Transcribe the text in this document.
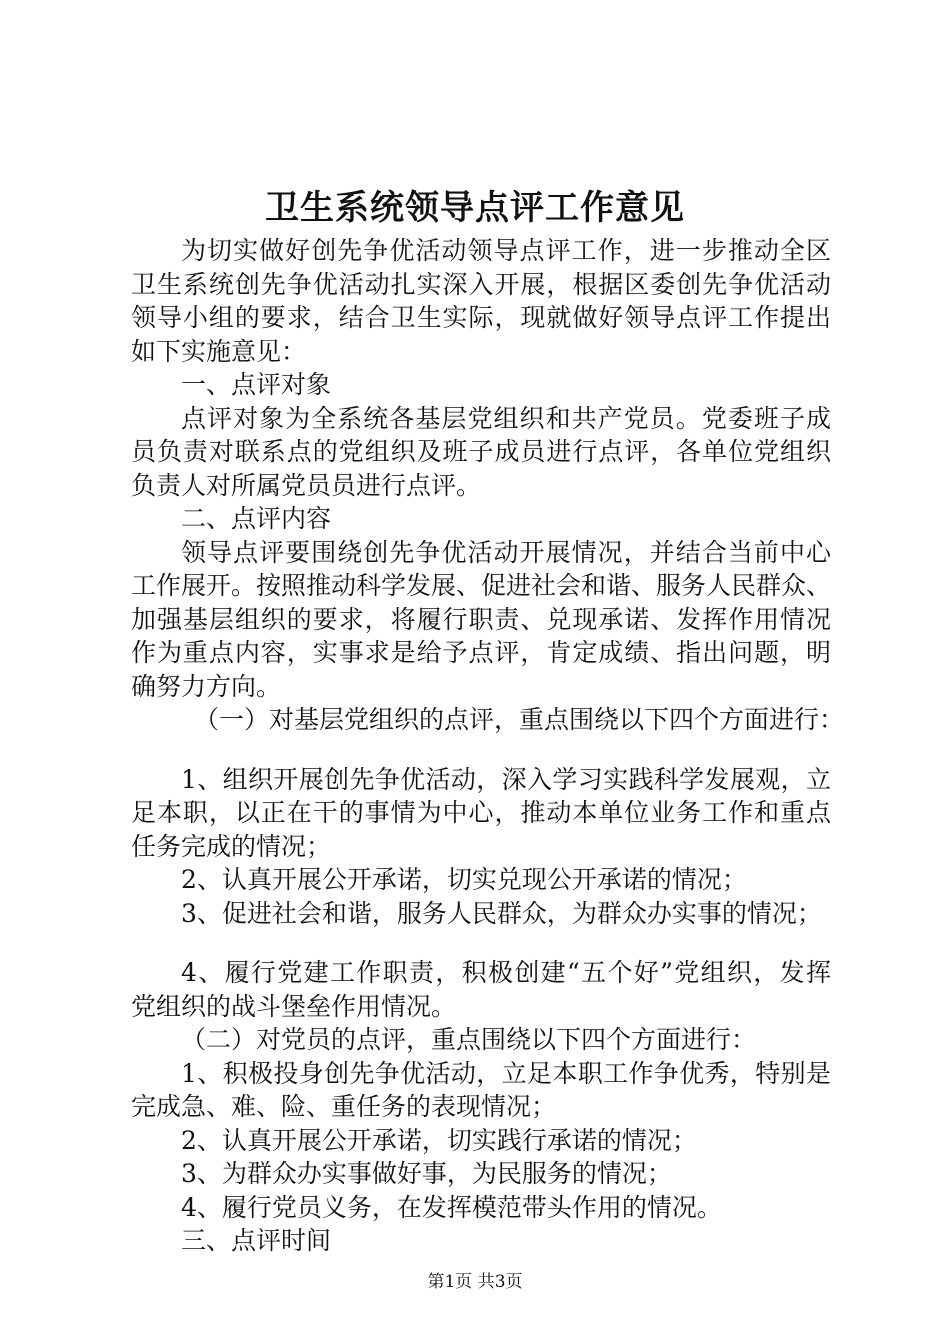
卫生系统领导点评工作意见
为切实做好创先争优活动领导点评工作，进一步推动全区
卫生系统创先争优活动扎实深入开展，根据区委创先争优活动
领导小组的要求，结合卫生实际，现就做好领导点评工作提出
如下实施意见：
一、点评对象
点评对象为全系统各基层党组织和共产党员。党委班子成
员负责对联系点的党组织及班子成员进行点评，各单位党组织
负责人对所属党员员进行点评。
二、点评内容
领导点评要围绕创先争优活动开展情况，并结合当前中心
工作展开。按照推动科学发展、促进社会和谐、服务人民群众、
加强基层组织的要求，将履行职责、兑现承诺、发挥作用情况
作为重点内容，实事求是给予点评，肯定成绩、指出问题，明
确努力方向。
（一）对基层党组织的点评，重点围绕以下四个方面进行：
1、组织开展创先争优活动，深入学习实践科学发展观，立
足本职，以正在干的事情为中心，推动本单位业务工作和重点
任务完成的情况；
2、认真开展公开承诺，切实兑现公开承诺的情况；
3、促进社会和谐，服务人民群众，为群众办实事的情况；
4、履行党建工作职责，积极创建“五个好”党组织，发挥
党组织的战斗堡垒作用情况。
（二）对党员的点评，重点围绕以下四个方面进行：
1、积极投身创先争优活动，立足本职工作争优秀，特别是
完成急、难、险、重任务的表现情况；
2、认真开展公开承诺，切实践行承诺的情况；
3、为群众办实事做好事，为民服务的情况；
4、履行党员义务，在发挥模范带头作用的情况。
三、点评时间
第1页 共3页
